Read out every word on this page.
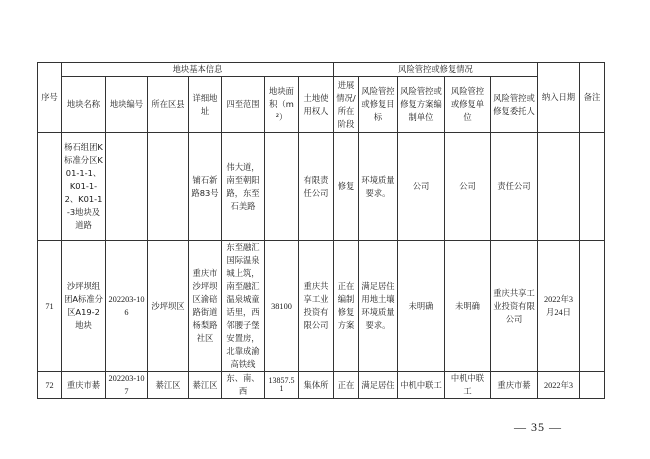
序号	地块基本信息							风险管控或修复情况					纳入日期	备注
	地块名称	地块编号	所在区县	详细地址	四至范围	地块面积（m²）	土地使用权人	进展情况/所在阶段	风险管控或修复目标	风险管控或修复方案编制单位	风险管控或修复单位	风险管控或修复委托人		
	杨石组团K标准分区K01-1-1、K01-1-2、K01-1-3地块及道路			铺石新路83号	伟大道，南至朝阳路，东至石美路		有限责任公司	修复	环境质量要求。	公司	公司	责任公司		
71	沙坪坝组团A标准分区A19-2地块	202203-106	沙坪坝区	重庆市沙坪坝区渝碚路街道杨梨路社区	东至融汇国际温泉城上筑，南至融汇温泉城童话里，西邻腰子堡安置房，北靠成渝高铁线	38100	重庆共享工业投资有限公司	正在编制修复方案	满足居住用地土壤环境质量要求。	未明确	未明确	重庆共享工业投资有限公司	2022年3月24日	
72	重庆市綦	202203-107	綦江区	綦江区	东、南、西	13857.51	集体所	正在	满足居住	中机中联工	中机中联工	重庆市綦	2022年3	
— 35 —
